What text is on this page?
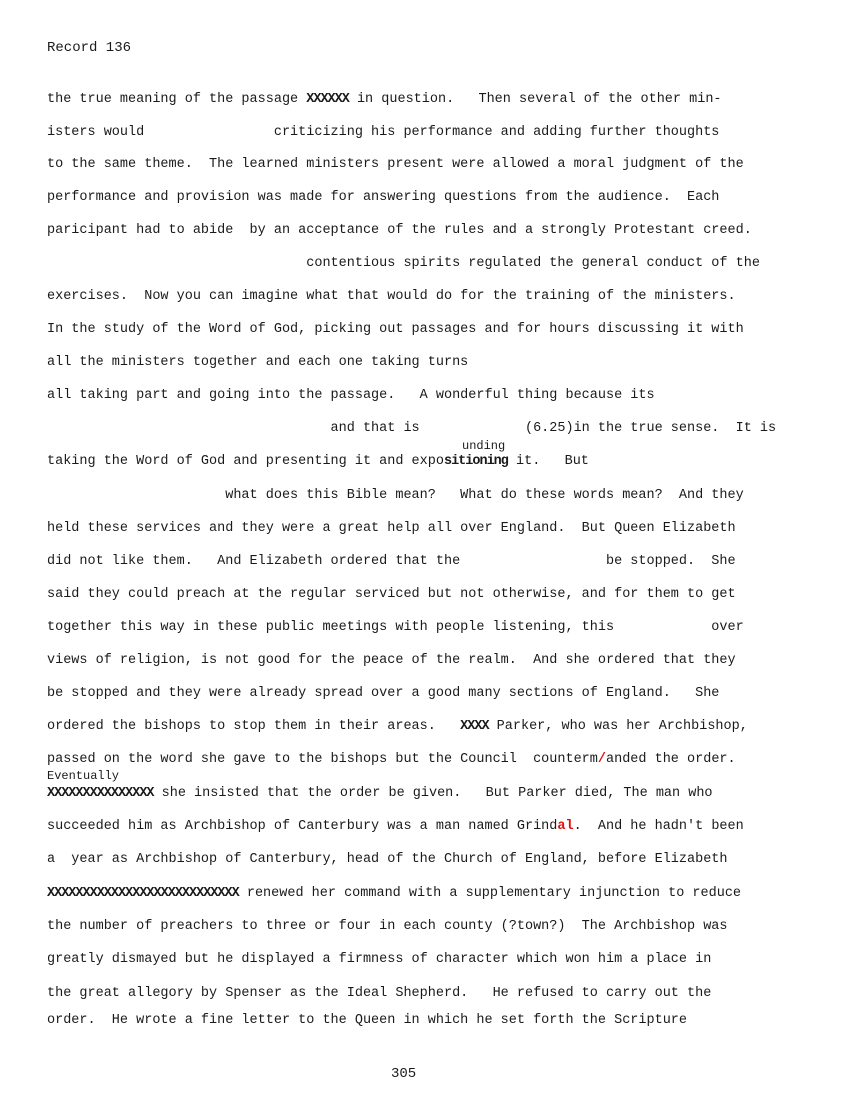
Record 136
the true meaning of the passage XXXXXX in question.   Then several of the other min-
isters would                criticizing his performance and adding further thoughts
to the same theme.  The learned ministers present were allowed a moral judgment of the
performance and provision was made for answering questions from the audience.  Each
paricipant had to abide  by an acceptance of the rules and a strongly Protestant creed.
contentious spirits regulated the general conduct of the
exercises.  Now you can imagine what that would do for the training of the ministers.
In the study of the Word of God, picking out passages and for hours discussing it with
all the ministers together and each one taking turns
all taking part and going into the passage.   A wonderful thing because its
and that is             (6.25)in the true sense.  It is
taking the Word of God and presenting it and expositioning it.   But
what does this Bible mean?   What do these words mean?  And they
held these services and they were a great help all over England.  But Queen Elizabeth
did not like them.   And Elizabeth ordered that the                  be stopped.  She
said they could preach at the regular serviced but not otherwise, and for them to get
together this way in these public meetings with people listening, this            over
views of religion, is not good for the peace of the realm.  And she ordered that they
be stopped and they were already spread over a good many sections of England.   She
ordered the bishops to stop them in their areas.   XXXX Parker, who was her Archbishop,
passed on the word she gave to the bishops but the Council  counterm/anded the order.
XXXXXXXXXXXXXXX she insisted that the order be given.   But Parker died, The man who
succeeded him as Archbishop of Canterbury was a man named Grindal.  And he hadn't been
a  year as Archbishop of Canterbury, head of the Church of England, before Elizabeth
XXXXXXXXXXXXXXXXXXXXXXXXXXX renewed her command with a supplementary injunction to reduce
the number of preachers to three or four in each county (?town?)  The Archbishop was
greatly dismayed but he displayed a firmness of character which won him a place in
the great allegory by Spenser as the Ideal Shepherd.   He refused to carry out the
order.  He wrote a fine letter to the Queen in which he set forth the Scripture
unding
Eventually
305
